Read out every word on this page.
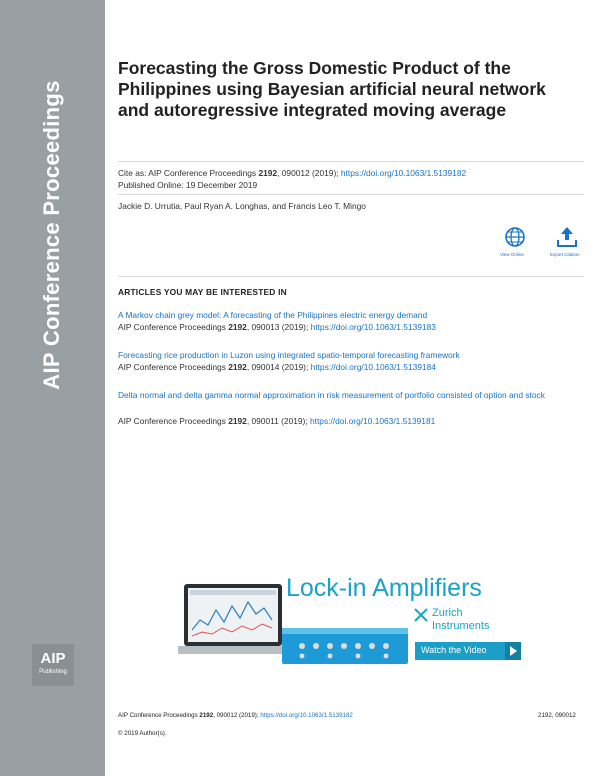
AIP Conference Proceedings
AIP
Publishing
Forecasting the Gross Domestic Product of the Philippines using Bayesian artificial neural network and autoregressive integrated moving average
Cite as: AIP Conference Proceedings 2192, 090012 (2019); https://doi.org/10.1063/1.5139182
Published Online: 19 December 2019
Jackie D. Urrutia, Paul Ryan A. Longhas, and Francis Leo T. Mingo
View Online	Export Citation
ARTICLES YOU MAY BE INTERESTED IN
A Markov chain grey model: A forecasting of the Philippines electric energy demand
AIP Conference Proceedings 2192, 090013 (2019); https://doi.org/10.1063/1.5139183
Forecasting rice production in Luzon using integrated spatio-temporal forecasting framework
AIP Conference Proceedings 2192, 090014 (2019); https://doi.org/10.1063/1.5139184
Delta normal and delta gamma normal approximation in risk measurement of portfolio consisted of option and stock
AIP Conference Proceedings 2192, 090011 (2019); https://doi.org/10.1063/1.5139181
Lock-in Amplifiers
Zurich
Instruments
Watch the Video
AIP Conference Proceedings 2192, 090012 (2019); https://doi.org/10.1063/1.5139182	2192, 090012
© 2019 Author(s).
